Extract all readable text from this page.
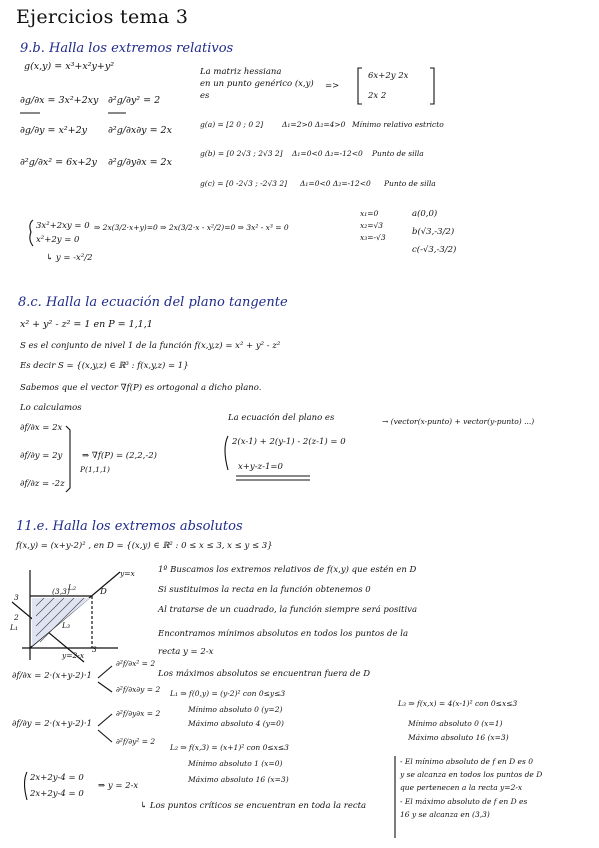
Ejercicios tema 3
9.b. Halla los extremos relativos
g(x,y) = x³+x²y+y²
∂g/∂x = 3x²+2xy
∂g/∂y = x²+2y
∂²g/∂x² = 6x+2y
∂²g/∂y² = 2
∂²g/∂x∂y = 2x
∂²g/∂y∂x = 2x
La matriz hessiana
en un punto genérico (x,y)
es
=>
6x+2y 2x
2x 2
g(a) = [2 0 ; 0 2]	Δ₁=2>0 Δ₂=4>0 Mínimo relativo estricto
g(b) = [0 2√3 ; 2√3 2] Δ₁=0<0 Δ₂=-12<0 Punto de silla
g(c) = [0 -2√3 ; -2√3 2] Δ₁=0<0 Δ₂=-12<0 Punto de silla
3x²+2xy = 0
x²+2y = 0
↳ y = -x²/2
⇒ 2x(3/2·x+y)=0 ⇒ 2x(3/2·x - x²/2)=0 ⇒ 3x² - x³ = 0
x₁=0
x₂=√3
x₃=-√3
a(0,0)
b(√3,-3/2)
c(-√3,-3/2)
8.c. Halla la ecuación del plano tangente
x² + y² - z² = 1 en P = 1,1,1
S es el conjunto de nivel 1 de la función f(x,y,z) = x² + y² - z²
Es decir S = {(x,y,z) ∈ ℝ³ : f(x,y,z) = 1}
Sabemos que el vector ∇f(P) es ortogonal a dicho plano.
Lo calculamos
∂f/∂x = 2x
∂f/∂y = 2y
∂f/∂z = -2z
⇒ ∇f(P) = (2,2,-2)
P(1,1,1)
La ecuación del plano es	→ (vector(x-punto) + vector(y-punto) ...)
2(x-1) + 2(y-1) - 2(z-1) = 0
x+y-z-1=0
11.e. Halla los extremos absolutos
f(x,y) = (x+y-2)² , en D = {(x,y) ∈ ℝ² : 0 ≤ x ≤ 3, x ≤ y ≤ 3}
y=x
D
(3,3)
3
2
L₁
L₂
L₃
y=2-x
3
1º Buscamos los extremos relativos de f(x,y) que estén en D
Si sustituimos la recta en la función obtenemos 0
Al tratarse de un cuadrado, la función siempre será positiva
Encontramos mínimos absolutos en todos los puntos de la
recta y = 2-x
Los máximos absolutos se encuentran fuera de D
∂f/∂x = 2·(x+y-2)·1
∂f/∂y = 2·(x+y-2)·1
∂²f/∂x² = 2
∂²f/∂x∂y = 2
∂²f/∂y∂x = 2
∂²f/∂y² = 2
2x+2y-4 = 0
2x+2y-4 = 0
⇒ y = 2-x
↳ Los puntos críticos se encuentran en toda la recta
L₁ ⇒ f(0,y) = (y-2)² con 0≤y≤3
Mínimo absoluto 0 (y=2)
Máximo absoluto 4 (y=0)
L₂ ⇒ f(x,3) = (x+1)² con 0≤x≤3
Mínimo absoluto 1 (x=0)
Máximo absoluto 16 (x=3)
L₃ ⇒ f(x,x) = 4(x-1)² con 0≤x≤3
Mínimo absoluto 0 (x=1)
Máximo absoluto 16 (x=3)
- El mínimo absoluto de f en D es 0
y se alcanza en todos los puntos de D
que pertenecen a la recta y=2-x
- El máximo absoluto de f en D es
16 y se alcanza en (3,3)
